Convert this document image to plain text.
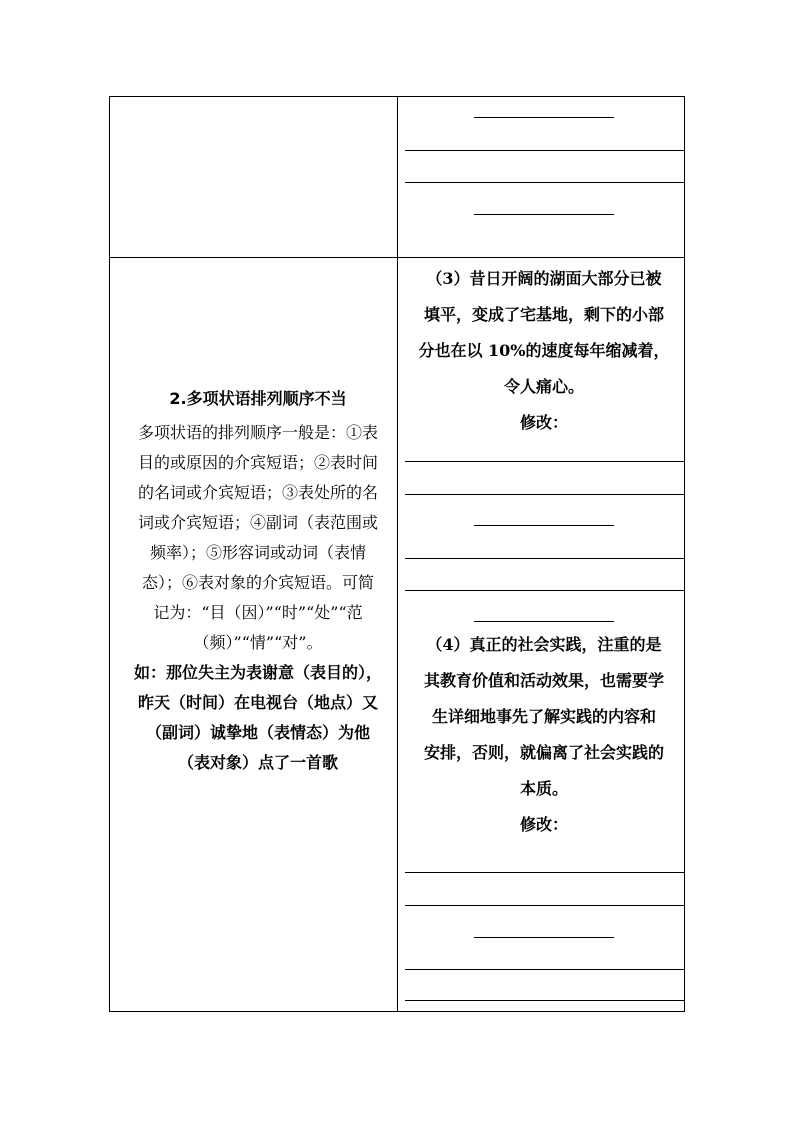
2.多项状语排列顺序不当

多项状语的排列顺序一般是：①表

目的或原因的介宾短语；②表时间

的名词或介宾短语；③表处所的名

词或介宾短语；④副词（表范围或

频率）；⑤形容词或动词（表情

态）；⑥表对象的介宾短语。可简

记为：“目（因）”“时”“处”“范

（频）”“情”“对”。

如：那位失主为表谢意（表目的），

昨天（时间）在电视台（地点）又

（副词）诚挚地（表情态）为他

（表对象）点了一首歌

（3）昔日开阔的湖面大部分已被

填平，变成了宅基地，剩下的小部

分也在以 10%的速度每年缩减着，

令人痛心。

修改：

（4）真正的社会实践，注重的是

其教育价值和活动效果，也需要学

生详细地事先了解实践的内容和

安排，否则，就偏离了社会实践的

本质。

修改：
